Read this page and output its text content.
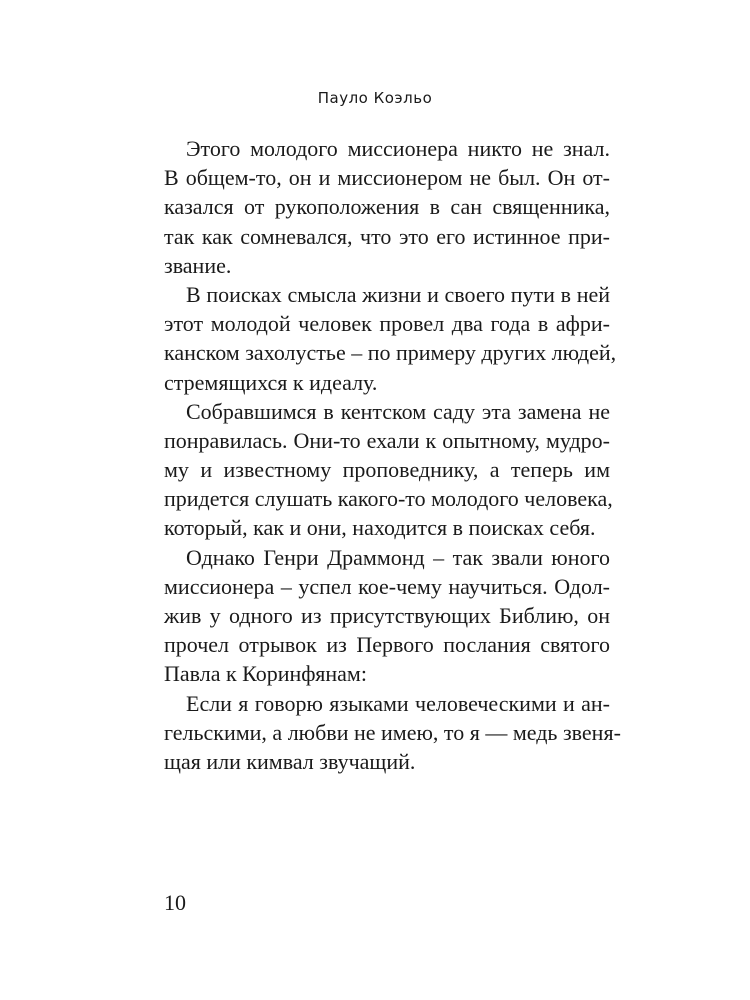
Пауло Коэльо

Этого молодого миссионера никто не знал.
В общем-то, он и миссионером не был. Он от-
казался от рукоположения в сан священника,
так как сомневался, что это его истинное при-
звание.

В поисках смысла жизни и своего пути в ней
этот молодой человек провел два года в афри-
канском захолустье – по примеру других людей,
стремящихся к идеалу.

Собравшимся в кентском саду эта замена не
понравилась. Они-то ехали к опытному, мудро-
му и известному проповеднику, а теперь им
придется слушать какого-то молодого человека,
который, как и они, находится в поисках себя.

Однако Генри Драммонд – так звали юного
миссионера – успел кое-чему научиться. Одол-
жив у одного из присутствующих Библию, он
прочел отрывок из Первого послания святого
Павла к Коринфянам:

Если я говорю языками человеческими и ан-
гельскими, а любви не имею, то я — медь звеня-
щая или кимвал звучащий.

10
